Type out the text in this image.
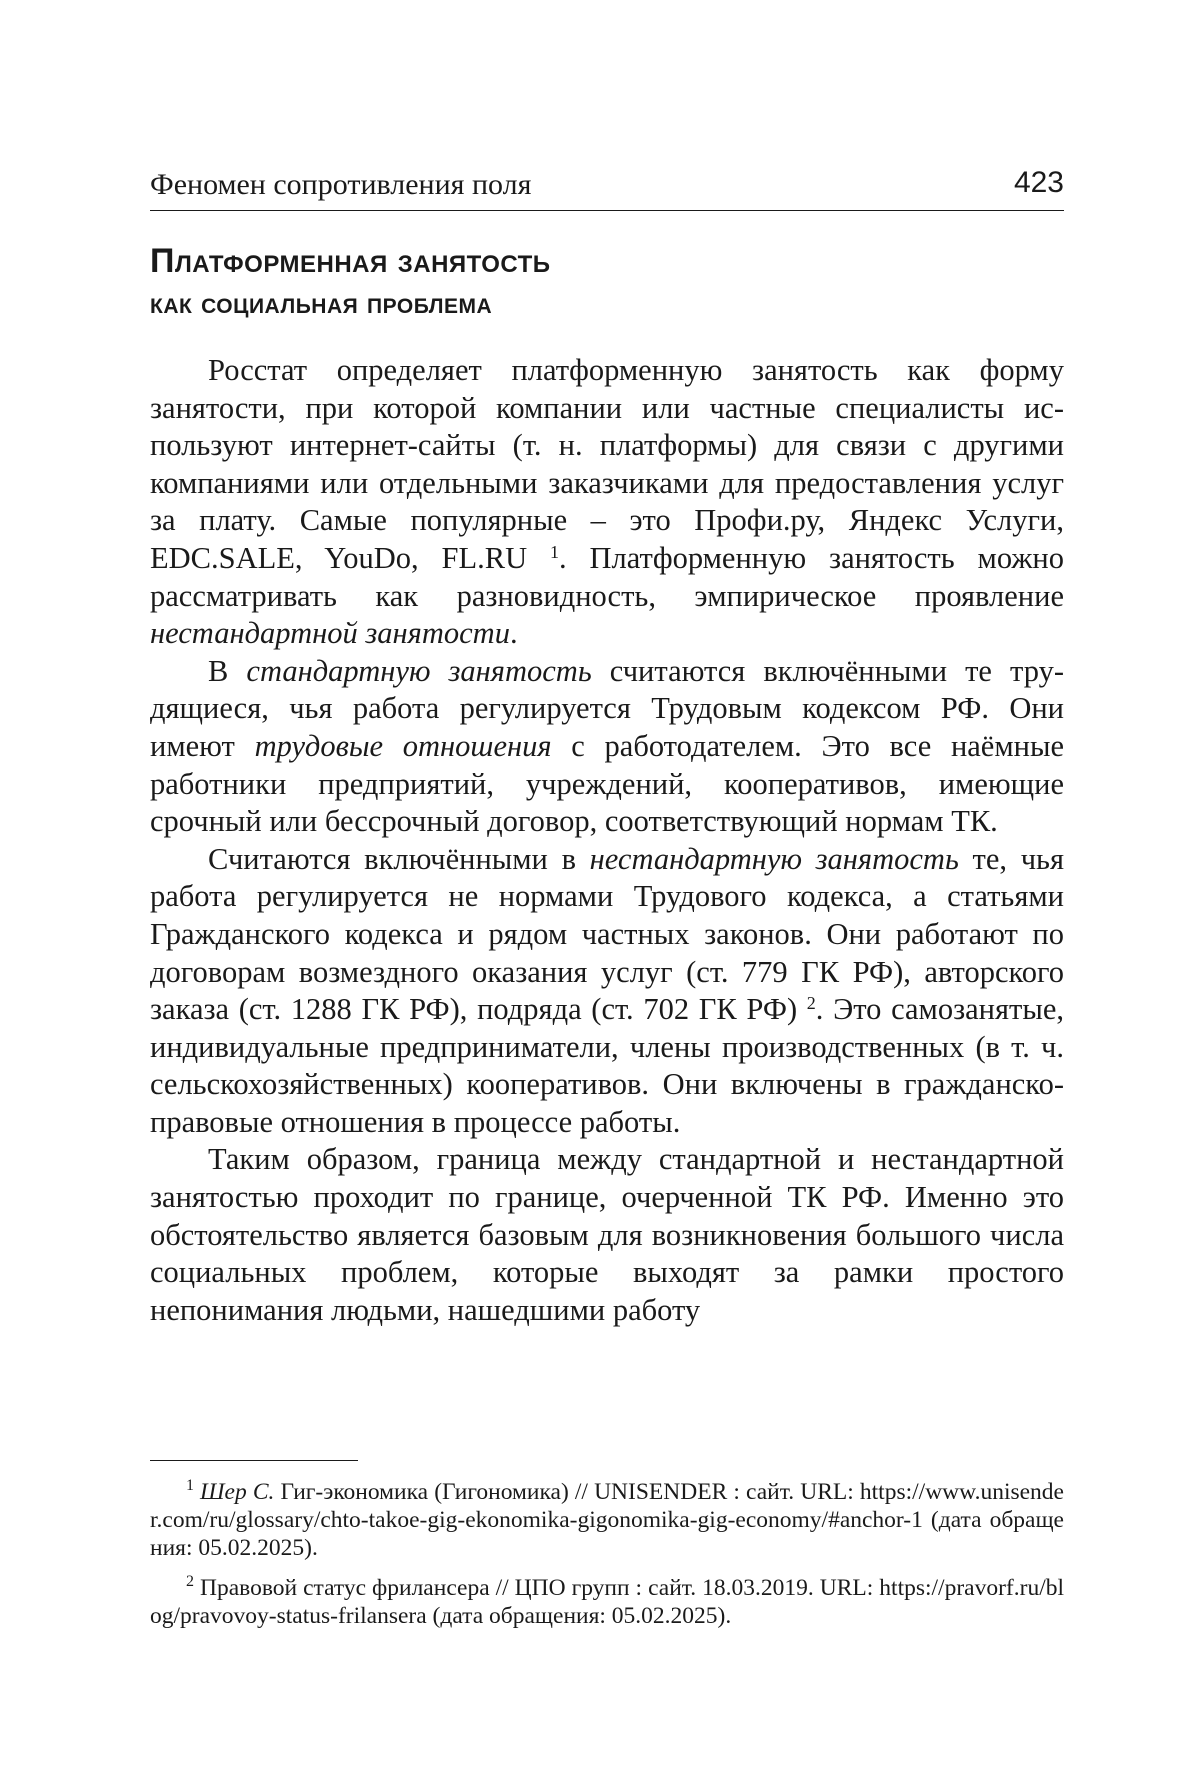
Феномен сопротивления поля	423
Платформенная занятость
как социальная проблема

Росстат определяет платформенную занятость как форму занятости, при которой компании или частные специалисты используют интернет-сайты (т. н. платформы) для связи с другими компаниями или отдельными заказчиками для предоставления услуг за плату. Самые популярные – это Профи.ру, Яндекс Услуги, EDC.SALE, YouDo, FL.RU $^1$. Платформенную занятость можно рассматривать как разновидность, эмпирическое проявление нестандартной занятости.

В стандартную занятость считаются включёнными те трудящиеся, чья работа регулируется Трудовым кодексом РФ. Они имеют трудовые отношения с работодателем. Это все наёмные работники предприятий, учреждений, кооперативов, имеющие срочный или бессрочный договор, соответствующий нормам ТК.

Считаются включёнными в нестандартную занятость те, чья работа регулируется не нормами Трудового кодекса, а статьями Гражданского кодекса и рядом частных законов. Они работают по договорам возмездного оказания услуг (ст. 779 ГК РФ), авторского заказа (ст. 1288 ГК РФ), подряда (ст. 702 ГК РФ) $^2$. Это самозанятые, индивидуальные предприниматели, члены производственных (в т. ч. сельскохозяйственных) кооперативов. Они включены в гражданско-правовые отношения в процессе работы.

Таким образом, граница между стандартной и нестандартной занятостью проходит по границе, очерченной ТК РФ. Именно это обстоятельство является базовым для возникновения большого числа социальных проблем, которые выходят за рамки простого непонимания людьми, нашедшими работу

$^1$ Шер С. Гиг-экономика (Гигономика) // UNISENDER : сайт. URL: https://www.unisender.com/ru/glossary/chto-takoe-gig-ekonomika-gigonomika-gig-economy/#anchor-1 (дата обращения: 05.02.2025).

$^2$ Правовой статус фрилансера // ЦПО групп : сайт. 18.03.2019. URL: https://pravorf.ru/blog/pravovoy-status-frilansera (дата обращения: 05.02.2025).
